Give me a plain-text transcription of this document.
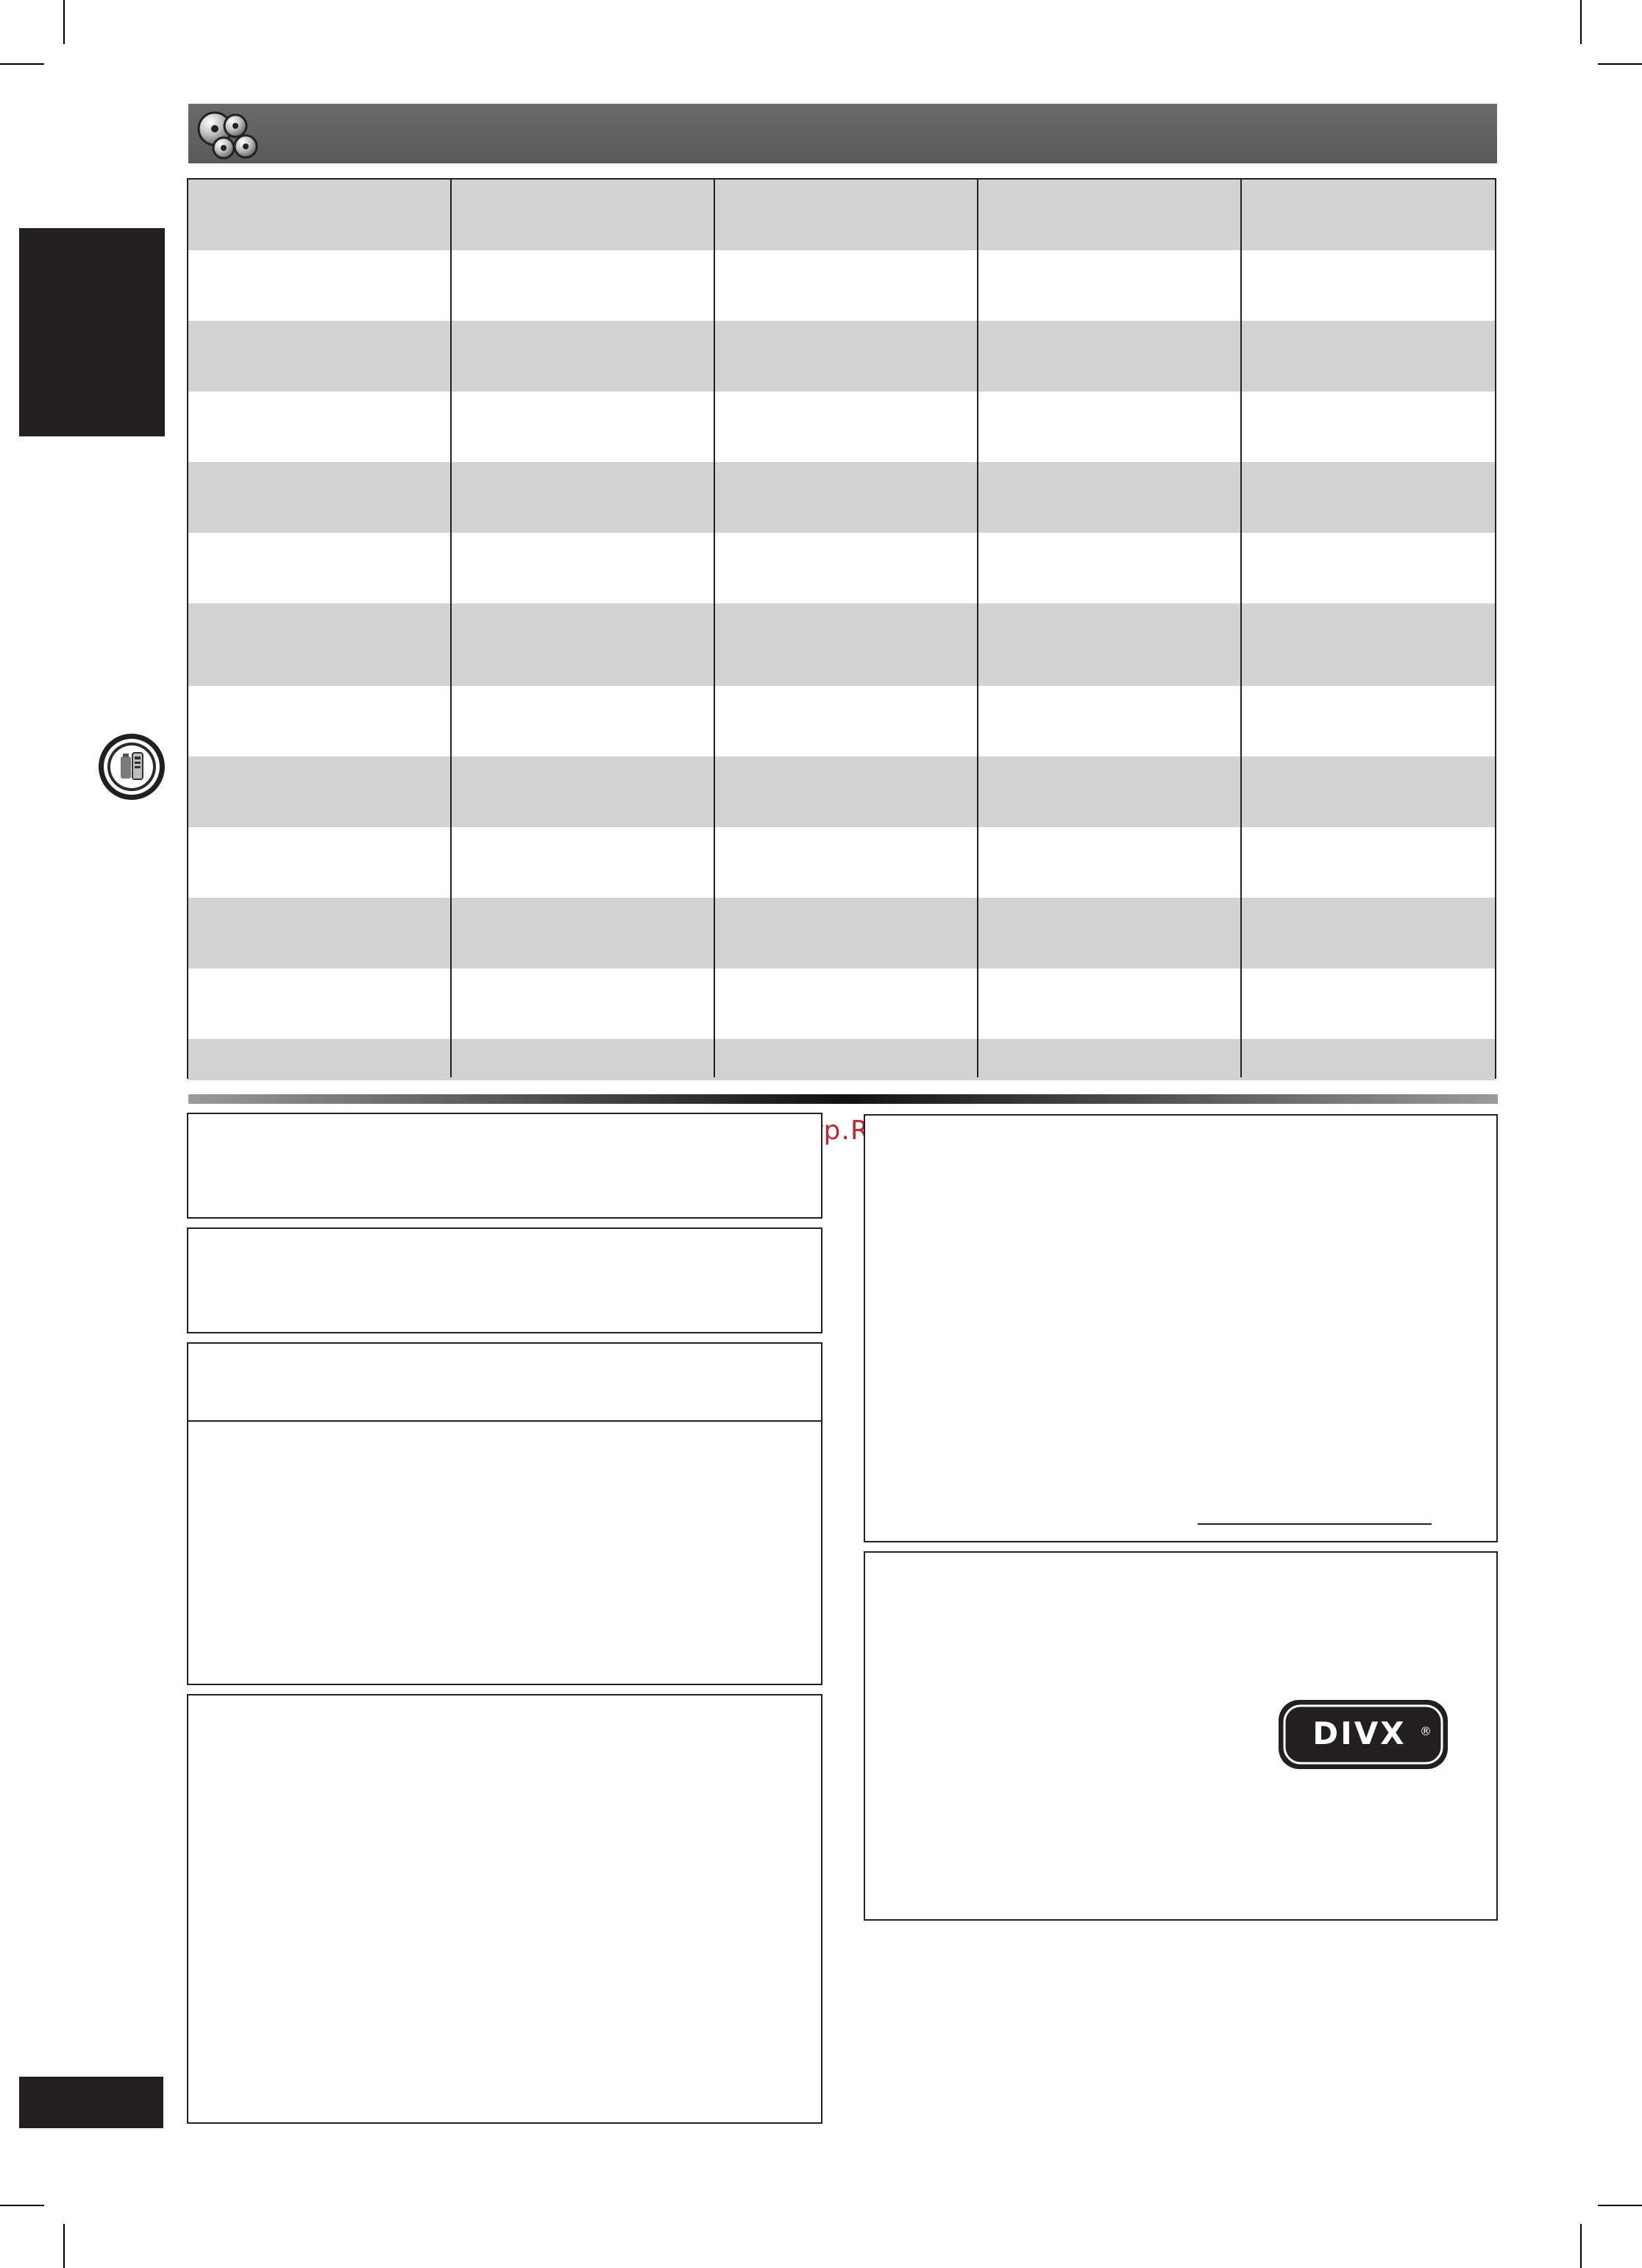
DIVX ®
